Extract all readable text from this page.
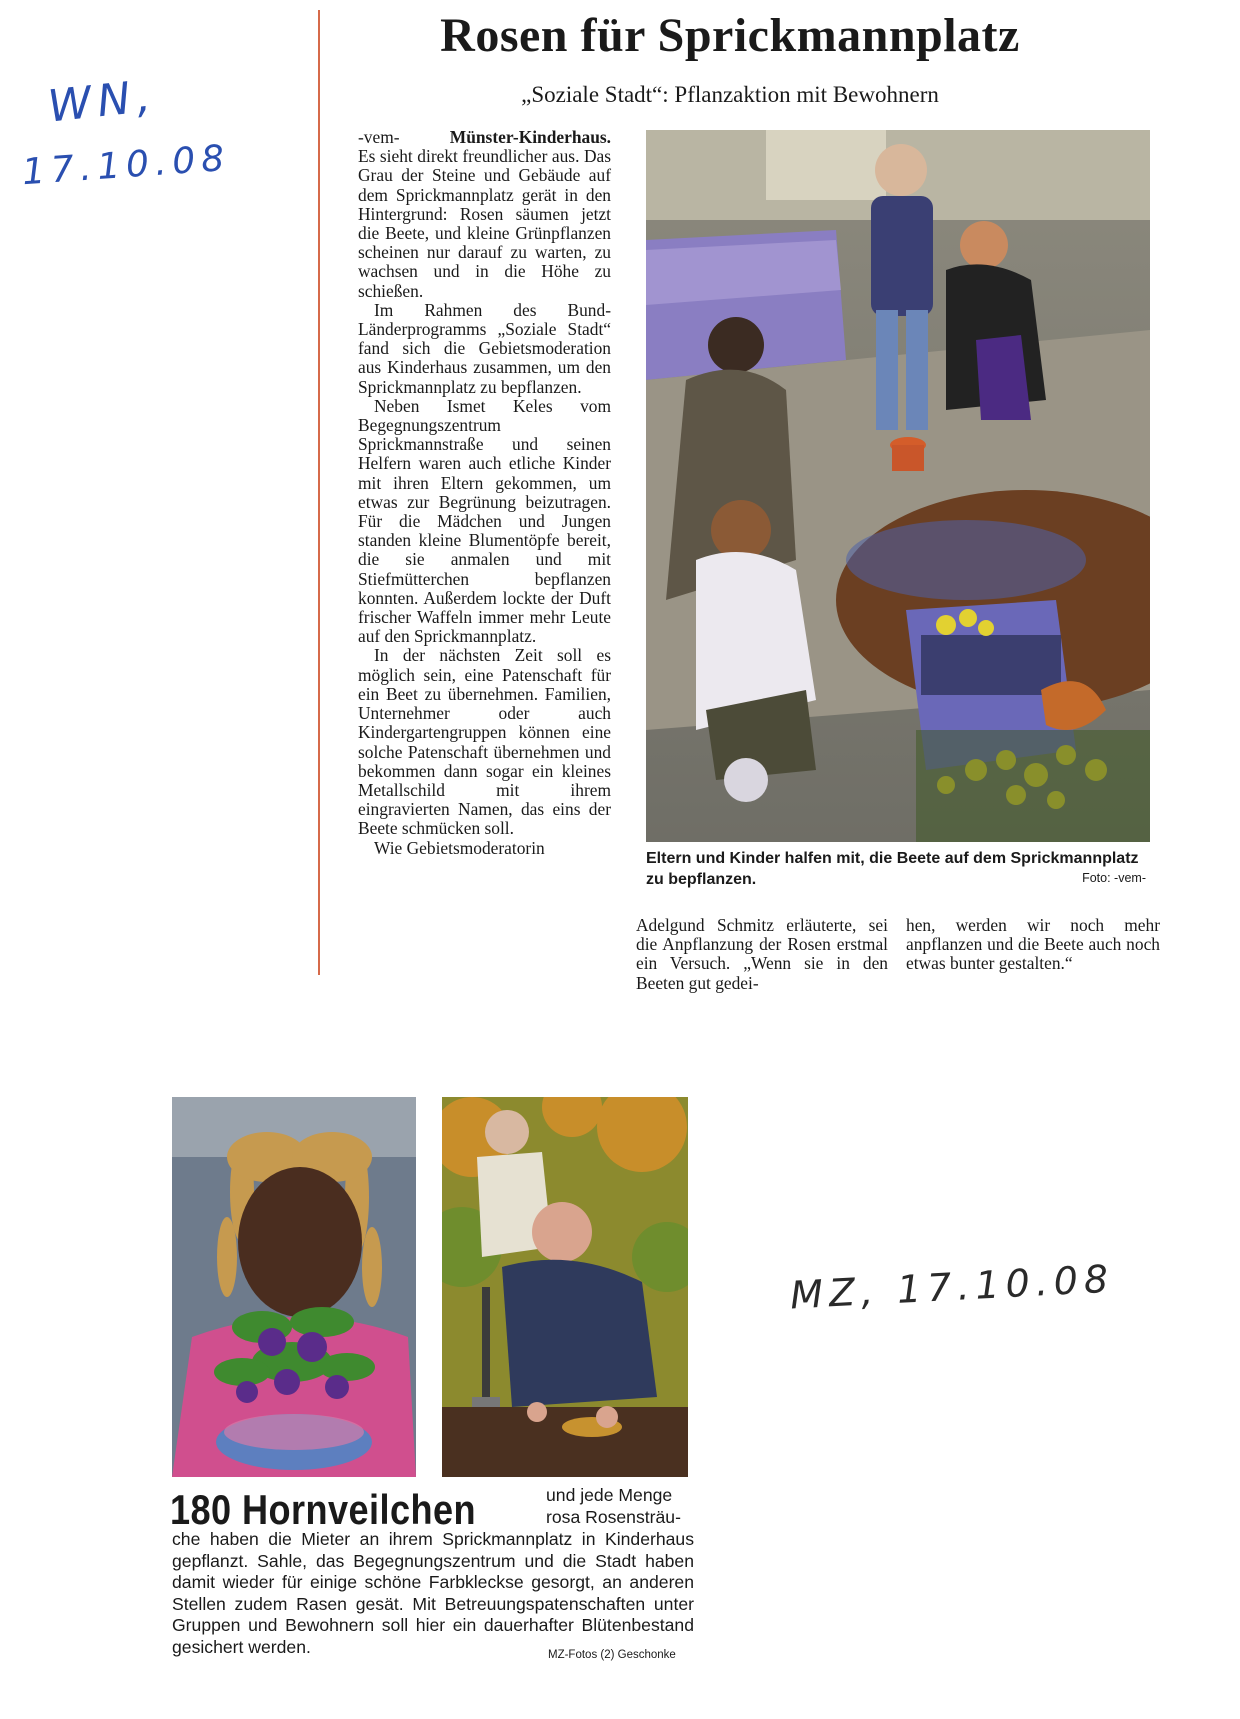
WN,
17.10.08
MZ, 17.10.08
Rosen für Sprickmannplatz
„Soziale Stadt“: Pflanzaktion mit Bewohnern

-vem-	Münster-Kinderhaus. Es sieht direkt freundlicher aus. Das Grau der Steine und Gebäude auf dem Sprickmannplatz gerät in den Hintergrund: Rosen säumen jetzt die Beete, und kleine Grünpflanzen scheinen nur darauf zu warten, zu wachsen und in die Höhe zu schießen.

Im Rahmen des Bund-Länderprogramms „Soziale Stadt“ fand sich die Gebietsmoderation aus Kinderhaus zusammen, um den Sprickmannplatz zu bepflanzen.

Neben Ismet Keles vom Begegnungszentrum Sprickmannstraße und seinen Helfern waren auch etliche Kinder mit ihren Eltern gekommen, um etwas zur Begrünung beizutragen. Für die Mädchen und Jungen standen kleine Blumentöpfe bereit, die sie anmalen und mit Stiefmütterchen bepflanzen konnten. Außerdem lockte der Duft frischer Waffeln immer mehr Leute auf den Sprickmannplatz.

In der nächsten Zeit soll es möglich sein, eine Patenschaft für ein Beet zu übernehmen. Familien, Unternehmer oder auch Kindergartengruppen können eine solche Patenschaft übernehmen und bekommen dann sogar ein kleines Metallschild mit ihrem eingravierten Namen, das eins der Beete schmücken soll.

Wie Gebietsmoderatorin

Eltern und Kinder halfen mit, die Beete auf dem Sprickmannplatz zu bepflanzen.	Foto: -vem-

Adelgund Schmitz erläuterte, sei die Anpflanzung der Rosen erstmal ein Versuch. „Wenn sie in den Beeten gut gedei-

hen, werden wir noch mehr anpflanzen und die Beete auch noch etwas bunter gestalten.“

180 Hornveilchen	und jede Menge rosa Rosensträu-
che haben die Mieter an ihrem Sprickmannplatz in Kinderhaus gepflanzt. Sahle, das Begegnungszentrum und die Stadt haben damit wieder für einige schöne Farbkleckse gesorgt, an anderen Stellen zudem Rasen gesät. Mit Betreuungspatenschaften unter Gruppen und Bewohnern soll hier ein dauerhafter Blütenbestand gesichert werden.	MZ-Fotos (2) Geschonke
